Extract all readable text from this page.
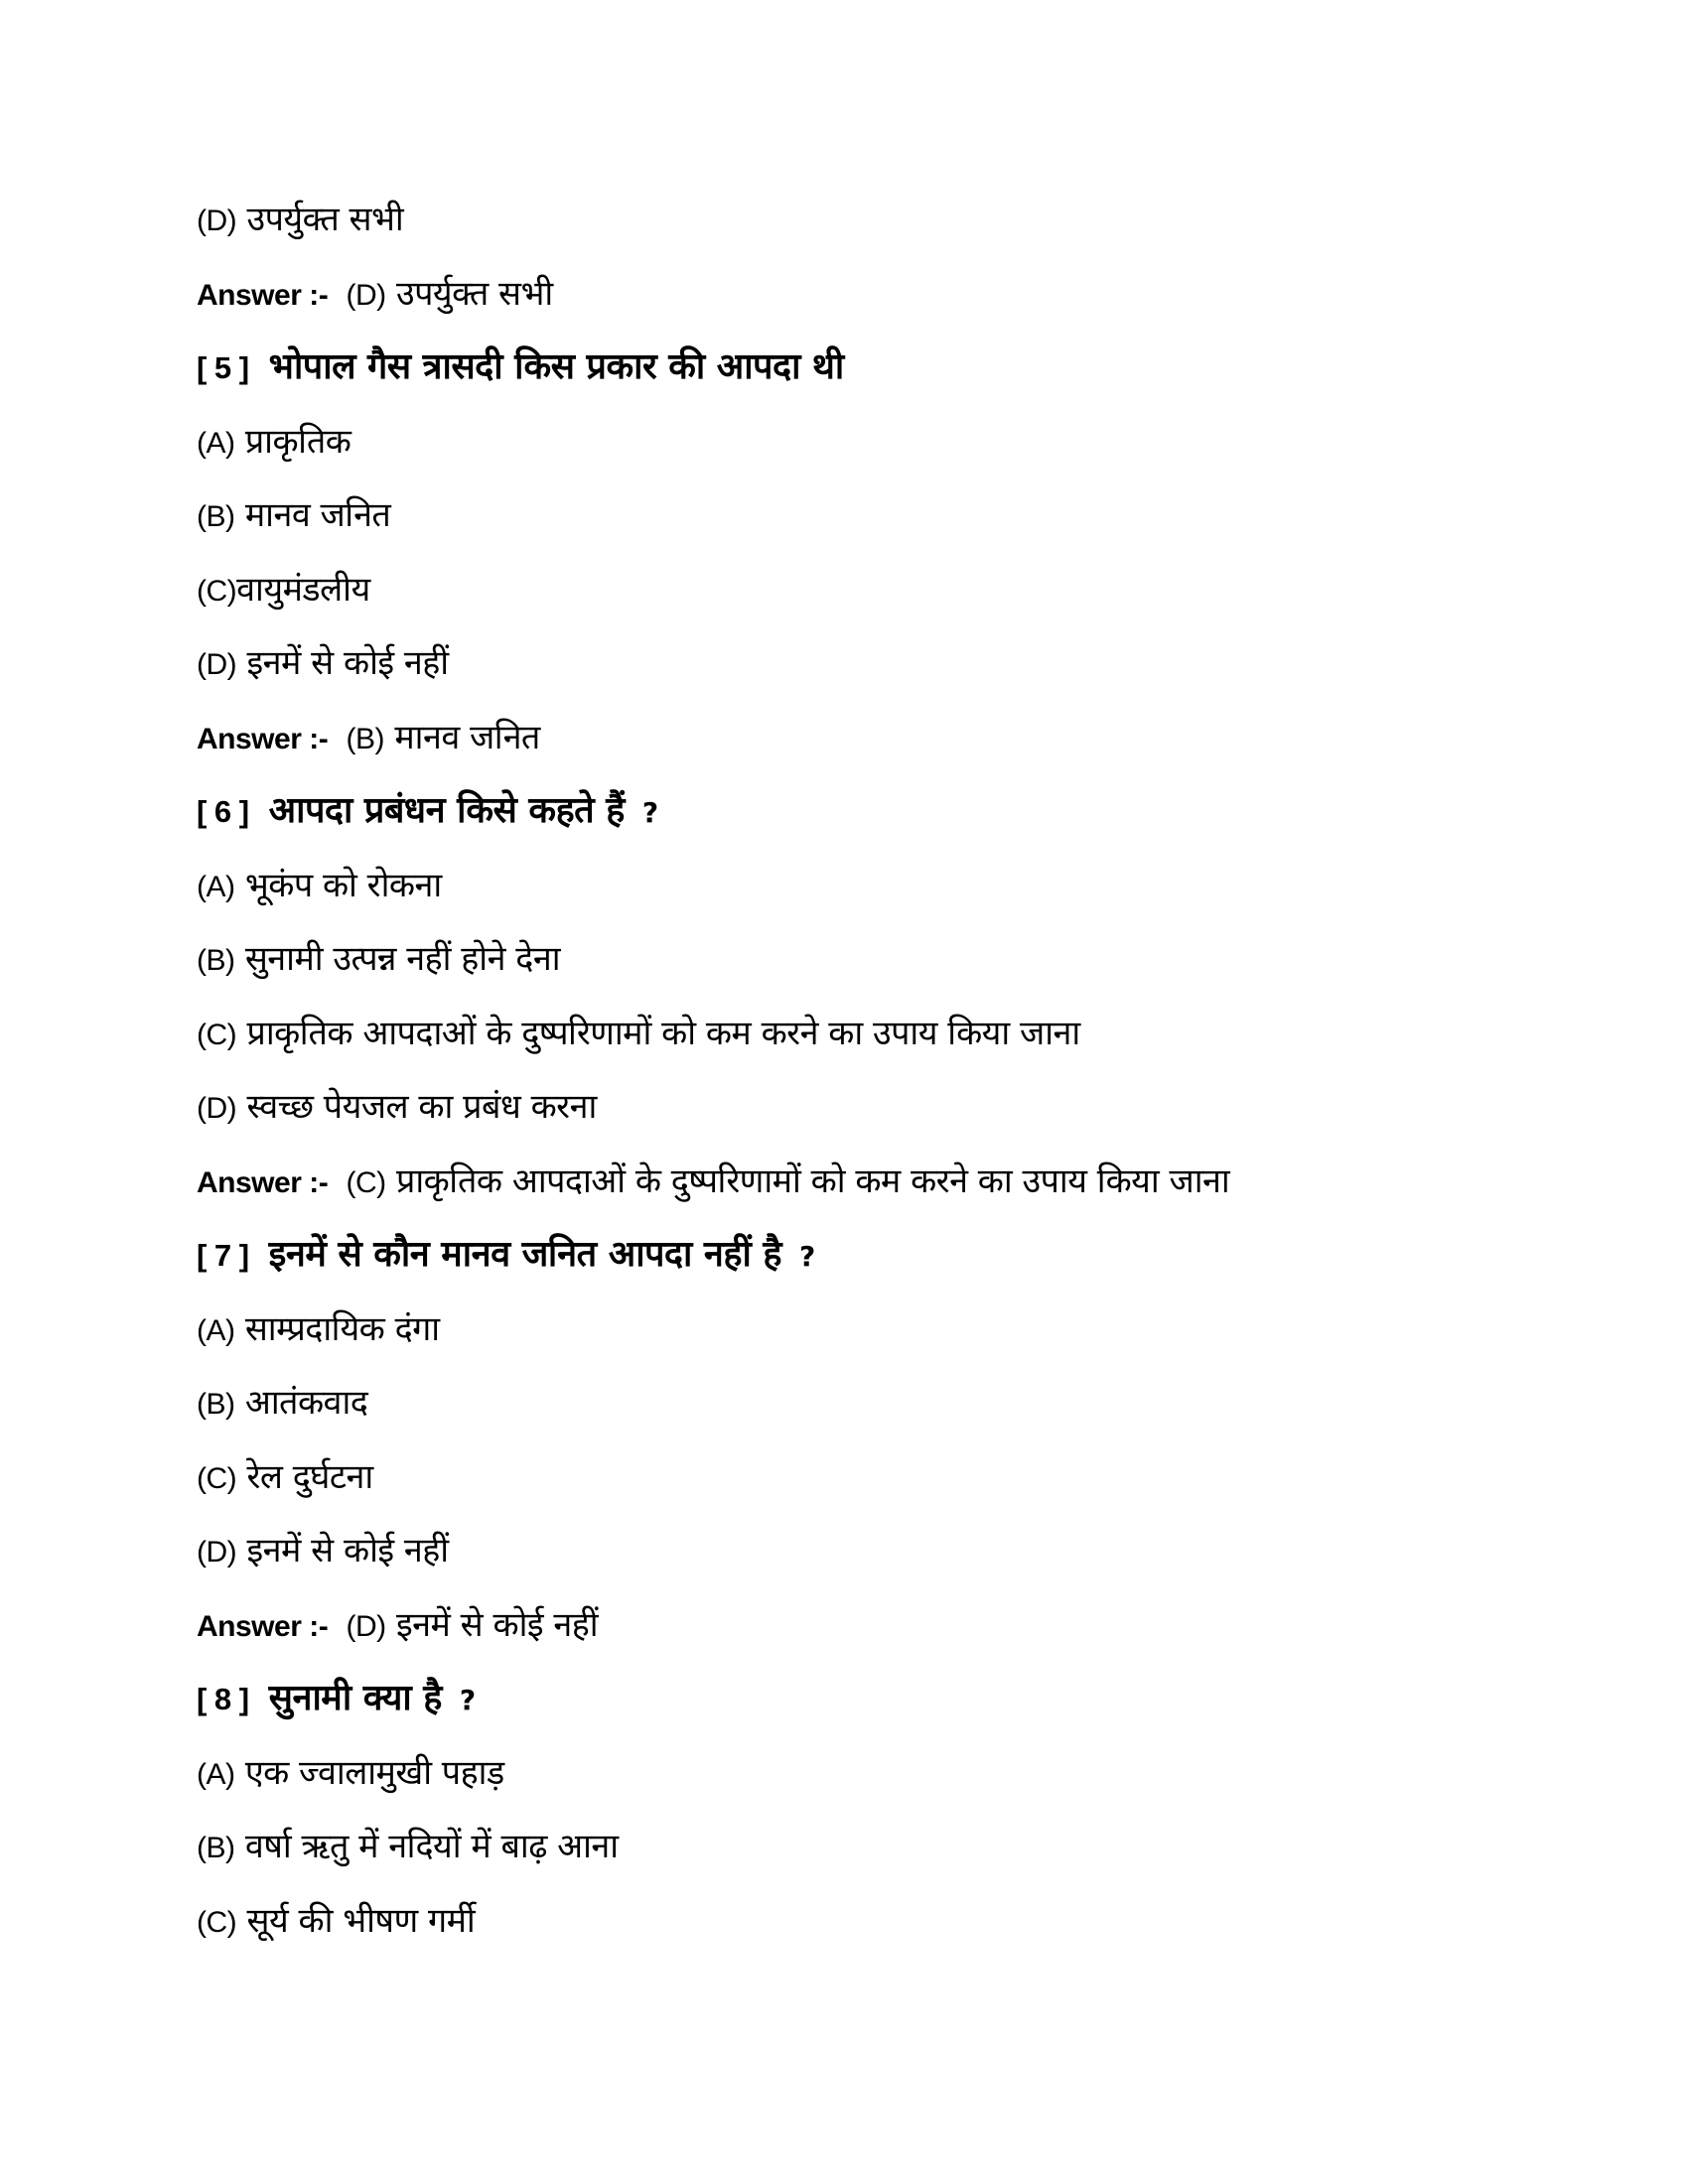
(D) उपर्युक्त सभी
Answer :- (D) उपर्युक्त सभी
[ 5 ] भोपाल गैस त्रासदी किस प्रकार की आपदा थी
(A) प्राकृतिक
(B) मानव जनित
(C)वायुमंडलीय
(D) इनमें से कोई नहीं
Answer :- (B) मानव जनित
[ 6 ] आपदा प्रबंधन किसे कहते हैं ?
(A) भूकंप को रोकना
(B) सुनामी उत्पन्न नहीं होने देना
(C) प्राकृतिक आपदाओं के दुष्परिणामों को कम करने का उपाय किया जाना
(D) स्वच्छ पेयजल का प्रबंध करना
Answer :- (C) प्राकृतिक आपदाओं के दुष्परिणामों को कम करने का उपाय किया जाना
[ 7 ] इनमें से कौन मानव जनित आपदा नहीं है ?
(A) साम्प्रदायिक दंगा
(B) आतंकवाद
(C) रेल दुर्घटना
(D) इनमें से कोई नहीं
Answer :- (D) इनमें से कोई नहीं
[ 8 ] सुनामी क्या है ?
(A) एक ज्वालामुखी पहाड़
(B) वर्षा ऋतु में नदियों में बाढ़ आना
(C) सूर्य की भीषण गर्मी
